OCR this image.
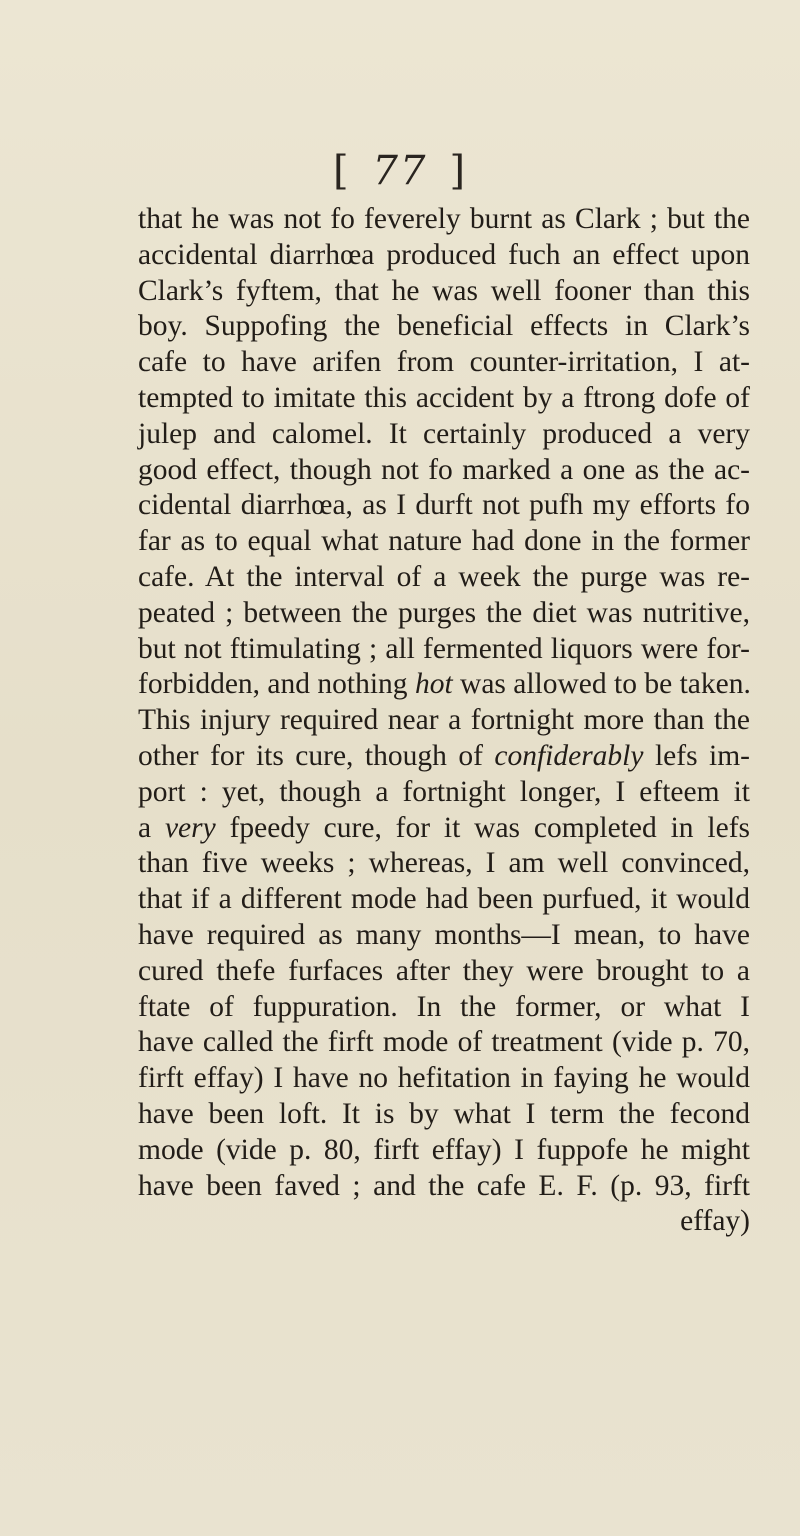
[ 77 ]
that he was not fo feverely burnt as Clark ; but the
accidental diarrhœa produced fuch an effect upon
Clark’s fyftem, that he was well fooner than this
boy. Suppofing the beneficial effects in Clark’s
cafe to have arifen from counter-irritation, I at-
tempted to imitate this accident by a ftrong dofe of
julep and calomel. It certainly produced a very
good effect, though not fo marked a one as the ac-
cidental diarrhœa, as I durft not pufh my efforts fo
far as to equal what nature had done in the former
cafe. At the interval of a week the purge was re-
peated ; between the purges the diet was nutritive,
but not ftimulating ; all fermented liquors were for-
forbidden, and nothing hot was allowed to be taken.
This injury required near a fortnight more than the
other for its cure, though of confiderably lefs im-
port : yet, though a fortnight longer, I efteem it
a very fpeedy cure, for it was completed in lefs
than five weeks ; whereas, I am well convinced,
that if a different mode had been purfued, it would
have required as many months—I mean, to have
cured thefe furfaces after they were brought to a
ftate of fuppuration. In the former, or what I
have called the firft mode of treatment (vide p. 70,
firft effay) I have no hefitation in faying he would
have been loft. It is by what I term the fecond
mode (vide p. 80, firft effay) I fuppofe he might
have been faved ; and the cafe E. F. (p. 93, firft
effay)
